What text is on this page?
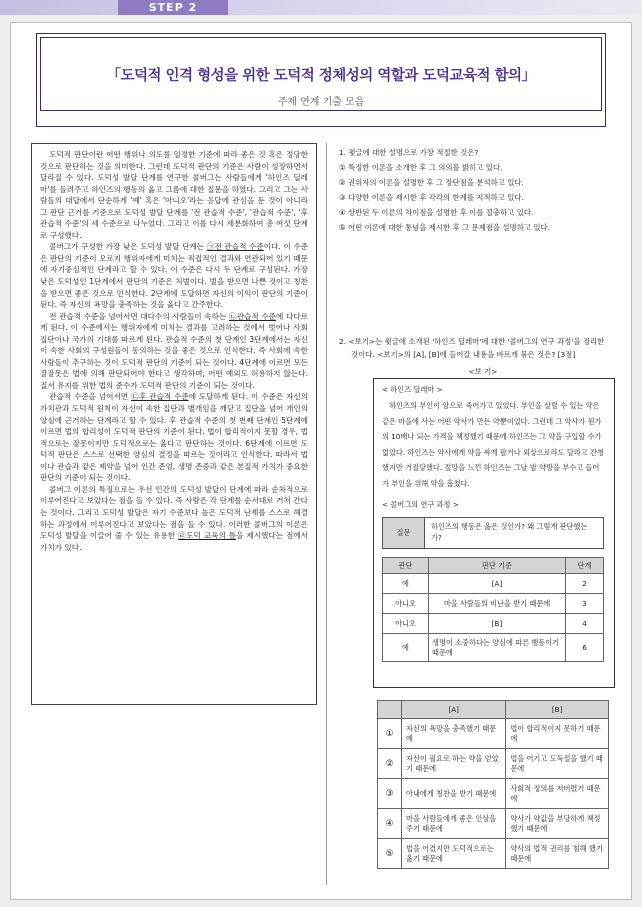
STEP 2
「도덕적 인격 형성을 위한 도덕적 정체성의 역할과 도덕교육적 함의」
주제 연계 기출 모음

도덕적 판단이란 어떤 행위나 의도를 일정한 기준에 따라 좋은 것 혹은 정당한 것으로 판단하는 것을 의미한다. 그런데 도덕적 판단의 기준은 사람이 성장하면서 달라질 수 있다. 도덕성 발달 단계를 연구한 콜버그는 사람들에게 '하인즈 딜레마'를 들려주고 하인즈의 행동의 옳고 그름에 대한 질문을 하였다. 그리고 그는 사람들의 대답에서 단순하게 '예' 혹은 '아니오'라는 응답에 관심을 둔 것이 아니라 그 판단 근거를 기준으로 도덕성 발달 단계를 '전 관습적 수준', '관습적 수준', '후 관습적 수준'의 세 수준으로 나누었다. 그리고 이를 다시 세분화하여 총 여섯 단계로 구성했다.

콜버그가 구성한 가장 낮은 도덕성 발달 단계는 ㉠전 관습적 수준이다. 이 수준은 판단의 기준이 오로지 행위자에게 미치는 직접적인 결과와 연관되어 있기 때문에 자기중심적인 단계라고 할 수 있다. 이 수준은 다시 두 단계로 구성된다. 가장 낮은 도덕성인 1단계에서 판단의 기준은 처벌이다. 벌을 받으면 나쁜 것이고 칭찬을 받으면 좋은 것으로 인식한다. 2단계에 도달하면 자신의 이익이 판단의 기준이 된다. 즉 자신의 욕망을 충족하는 것을 옳다고 간주한다.

전 관습적 수준을 넘어서면 대다수의 사람들이 속하는 ㉡관습적 수준에 다다르게 된다. 이 수준에서는 행위자에게 미치는 결과를 고려하는 것에서 벗어나 사회 집단이나 국가의 기대를 따르게 된다. 관습적 수준의 첫 단계인 3단계에서는 자신이 속한 사회의 구성원들이 동의하는 것을 좋은 것으로 인식한다. 즉 사회에 속한 사람들이 추구하는 것이 도덕적 판단의 기준이 되는 것이다. 4단계에 이르면 모든 잘잘못은 법에 의해 판단되어야 한다고 생각하며, 어떤 예외도 허용하지 않는다. 질서 유지를 위한 법의 준수가 도덕적 판단의 기준이 되는 것이다.

관습적 수준을 넘어서면 ㉢후 관습적 수준에 도달하게 된다. 이 수준은 자신의 가치관과 도덕적 원칙이 자신이 속한 집단과 별개임을 깨닫고 집단을 넘어 개인의 양심에 근거하는 단계라고 할 수 있다. 후 관습적 수준의 첫 번째 단계인 5단계에 이르면 법의 합리성이 도덕적 판단의 기준이 된다. 법이 합리적이지 못할 경우, 법적으로는 잘못이지만 도덕적으로는 옳다고 판단하는 것이다. 6단계에 이르면 도덕적 판단은 스스로 선택한 양심의 결정을 따르는 것이라고 인식한다. 따라서 법이나 관습과 같은 제약을 넘어 인간 존엄, 생명 존중과 같은 본질적 가치가 중요한 판단의 기준이 되는 것이다.

콜버그 이론의 특징으로는 우선 인간의 도덕성 발달이 단계에 따라 순차적으로 이루어진다고 보았다는 점을 들 수 있다. 즉 사람은 각 단계를 순서대로 거쳐 간다는 것이다. 그리고 도덕성 발달은 자기 수준보다 높은 도덕적 난제를 스스로 해결하는 과정에서 이루어진다고 보았다는 점을 들 수 있다. 이러한 콜버그의 이론은 도덕성 발달을 이끌어 줄 수 있는 유용한 ㉣도덕 교육의 틀을 제시했다는 점에서 가치가 있다.

1. 윗글에 대한 설명으로 가장 적절한 것은?
① 특정한 이론을 소개한 후 그 의의를 밝히고 있다.
② 권위자의 이론을 설명한 후 그 장단점을 분석하고 있다.
③ 다양한 이론을 제시한 후 각각의 한계를 지적하고 있다.
④ 상반된 두 이론의 차이점을 설명한 후 이를 절충하고 있다.
⑤ 어떤 이론에 대한 통념을 제시한 후 그 문제점을 설명하고 있다.
2. <보기>는 윗글에 소개된 '하인즈 딜레마'에 대한 '콜버그의 연구 과정'을 정리한
것이다. <보기>의 [A], [B]에 들어갈 내용을 바르게 묶은 것은? [3점]
<보 기>
< 하인즈 딜레마 >
하인즈의 부인이 암으로 죽어가고 있었다. 부인을 살릴 수 있는 약은 같은 마을에 사는 어떤 약사가 만든 약뿐이었다. 그런데 그 약사가 원가의 10배나 되는 가격을 책정했기 때문에 하인즈는 그 약을 구입할 수가 없었다. 하인즈는 약사에게 약을 싸게 팔거나 외상으로라도 달라고 간청했지만 거절당했다. 절망을 느낀 하인즈는 그날 밤 약방을 부수고 들어가 부인을 위해 약을 훔쳤다.
< 콜버그의 연구 과정 >
질문
하인즈의 행동은 옳은 것인가? 왜 그렇게 판단했는가?
판단	판단 기준	단계
예	[A]	2
아니오	마을 사람들의 비난을 받기 때문에	3
아니오	[B]	4
예	생명이 소중하다는 양심에 따른 행동이기 때문에	6
	[A]	[B]
①	자신의 욕망을 충족했기 때문에	법이 합리적이지 못하기 때문에
②	자신이 필요로 하는 약을 얻었기 때문에	법을 어기고 도둑질을 했기 때문에
③	아내에게 칭찬을 받기 때문에	사회적 정의를 저버렸기 때문에
④	마을 사람들에게 좋은 인상을 주기 때문에	약사가 약값을 부당하게 책정했기 때문에
⑤	법을 어겼지만 도덕적으로는 옳기 때문에	약사의 법적 권리를 침해 했기 때문에
